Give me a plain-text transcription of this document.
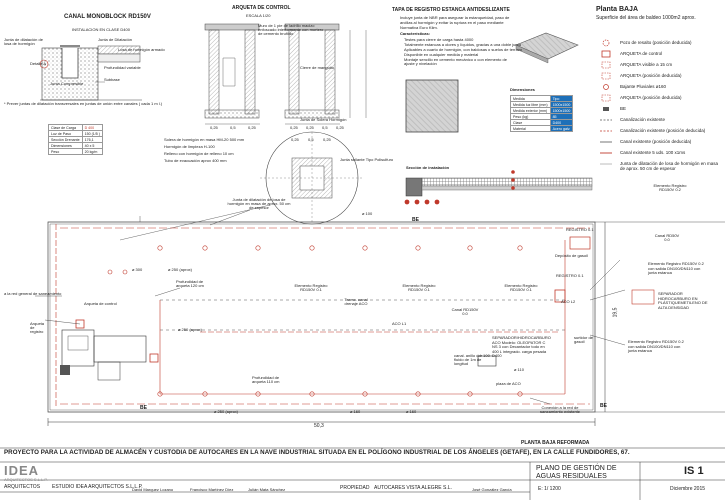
CANAL MONOBLOCK RD150V
INSTALACION EN CLASE D400
Junta de dilatación de losa de hormigón
Junta de Dilatación
Losa de hormigón armado
Profundidad variable
Subbase
Detalle A
Junta Compresible
* Prever juntas de dilatación transversales en juntas de unión entre canales ( cada 1 m l.)
ARQUETA DE CONTROL
ESCALA 1/20
Muro de 1 pie de ladrillo macizo enfoscado interiormente con mortero de cemento bruñido
Cierre de manguito
Junta de Solera Hormigón
0,25	0,5	0,25	0,25 0,25 0,5 0,25
0,25 0,5 0,25
Junta sellante Tipo Polisulfuro
TAPA DE REGISTRO ESTANCA ANTIDESLIZANTE
Incluye junta de NBR para asegurar la estanqueidad, paso de arcillas al hormigón y evitar la ruptura en el paso mediante Normativa Euro Klim.
Características:
Testes para cierre de carga hasta 4000
Totalmente estancas a olores y líquidos, gracias a una doble junta
Aplicables a cuarto de hormigón, con baldosas o suelos de terrazo
Disponible en cualquier medida y material
Montaje sencillo en cemento mecánico o con elemento de ajuste y nivelación
Sección de instalación
Dimensiones
Medida	Tipo
Medida luz libre (mm)	1500x1500
Medida exterior (mm)	1500x1500
Peso (kg)	85
Clase	D400
Material	Acero galv.
Clase de Carga	D 400
Luz de Paso	150 (1/5 )
Sección Drenante	176,1
Dimensiones	40 x 5
Peso	20 kg/m
Solera de hormigón en masa HM-20 500 mm
Hormigón de limpieza H-100
Relleno con hormigón de relleno 10 cm
Tubo de evacuación aprox 400 mm
Junta de dilatación de losa de hormigón en masa de aprox. 50 cm de espesor
Planta BAJA
Superficie del área de baldeo 1000m2 aprox.
Pozo de resalto (posición deducida)
ARQUETA de control
ARQUETA visible a 15 cm
ARQUETA (posición deducida)
Bajante Pluviales ø160
ARQUETA (posición deducida)
BE
Canalización existente
Canalización existente (posición deducida)
Canal existente (posición deducida)
Canal existente 5 uds. 100 x1ms
Junta de dilatación de losa de hormigón en masa de aprox. 50 cm de espesor
BE
BE	BE
a la red general de saneamiento
Arqueta de registro
Arqueta de control
Profundidad de arqueta 120 cm
Profundidad de arqueta 110 cm
Elemento Registro RD150V 0.1
Elemento Registro RD150V 0.1
Elemento Registro RD150V 0.1
Tramo. canal drenaje ACO
Canal RD150V 0.0
ACO L1
ACO L2
REGISTRO 0.1
REGISTRO 0.1
Depósito de gasoil
surtidor de gasoil
SEPARADOR/HIDROCARBURO ACO Modelo: OLEOPATOR C NS 3 con Decantador todo en 400 L integrado. carga pesada D400
canal. anillo ddr 100 fluido de 1m de longitud
Conexión a la red de saneamiento existente
Elemento Registro RD150V 0.2
Canal RD50V 0.0
Elemento Registro RD150V 0.2 con salida DN100/DN110 con junta estanca
SEPARADOR HIDROCARBURO EN PLÁSTIQUEMETILENO DE ALTA DENSIDAD
Elemento Registro RD150V 0.2 con salida DN100/DN110 con junta estanca
ø 300	ø 250 (aprox)
ø 250 (aprox)
ø 250 (aprox)	ø 160	ø 160
ø 110
ø 100
plaza de ACO
50,3
19,5
PLANTA BAJA REFORMADA
PROYECTO PARA LA ACTIVIDAD DE ALMACÉN Y CUSTODIA DE AUTOCARES EN LA NAVE INDUSTRIAL SITUADA EN EL POLÍGONO INDUSTRIAL DE LOS ÁNGELES (GETAFE), EN LA CALLE FUNDIDORES, 67.
IDEA
ARQUITECTOS S.L.L.P.
ARQUITECTOS ESTUDIO IDEA ARQUITECTOS S.L.L.P.
David Marquez Lozano	Francisco Martínez Díez	Julián Mata Sánchez	PROPIEDAD AUTOCARES VISTA ALEGRE S.L.	José González García
PLANO DE GESTIÓN DE AGUAS RESIDUALES
E: 1/ 1200	Diciembre 2015
IS 1
